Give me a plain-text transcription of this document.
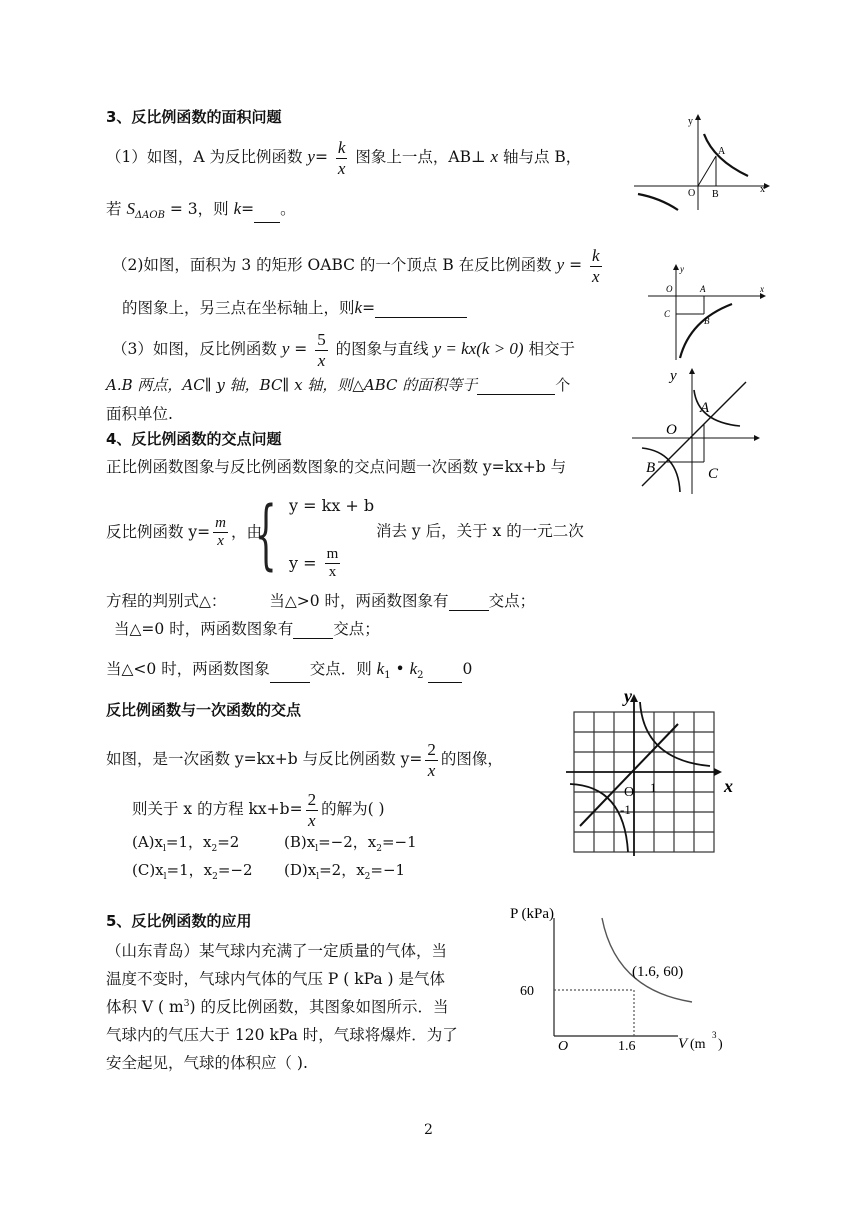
3、反比例函数的面积问题
（1）如图，A 为反比例函数 $y= \frac{k}{x}$ 图象上一点，AB⊥ x 轴与点 B，
若 $S_{\Delta AOB} = 3$，则 k= 。
（2)如图，面积为 3 的矩形 OABC 的一个顶点 B 在反比例函数 $y = \frac{k}{x}$
的图象上，另三点在坐标轴上，则k=
（3）如图，反比例函数 $y = \frac{5}{x}$ 的图象与直线 y = kx(k > 0) 相交于
A.B 两点，AC∥ y 轴，BC∥ x 轴，则△ABC 的面积等于	个
面积单位.
4、反比例函数的交点问题
正比例函数图象与反比例函数图象的交点问题一次函数 y=kx+b 与
反比例函数 $y= \frac{m}{x}$ ，由
{ y = kx + b
$y = \frac{m}{x}$
消去 y 后，关于 x 的一元二次
方程的判别式△：	当△>0 时，两函数图象有	交点；
当△=0 时，两函数图象有	交点；
当△<0 时，两函数图象	交点．则 $k_1$ • $k_2$	0
反比例函数与一次函数的交点
如图，是一次函数 y=kx+b 与反比例函数 $y= \frac{2}{x}$ 的图像，
则关于 x 的方程 $kx+b= \frac{2}{x}$ 的解为( )
$(A)x_l=1$，$x_2=2$	$(B)x_l=-2$，$x_2=-1$
$(C)x_l=1$，$x_2=-2$ $(D)x_l=2$，$x_2=-1$
5、反比例函数的应用
（山东青岛）某气球内充满了一定质量的气体，当
温度不变时，气球内气体的气压 P ( kPa ) 是气体
体积 V ( $m^3$) 的反比例函数，其图象如图所示．当
气球内的气压大于 120 kPa 时，气球将爆炸．为了
安全起见，气球的体积应（ ).
2
y
x
O
A
B
y
x
O	A
B
C
y
O
A
B	C
y
x
O 1
-1
P (kPa)
(1.6, 60)
60
1.6
O	V (m
3
)
